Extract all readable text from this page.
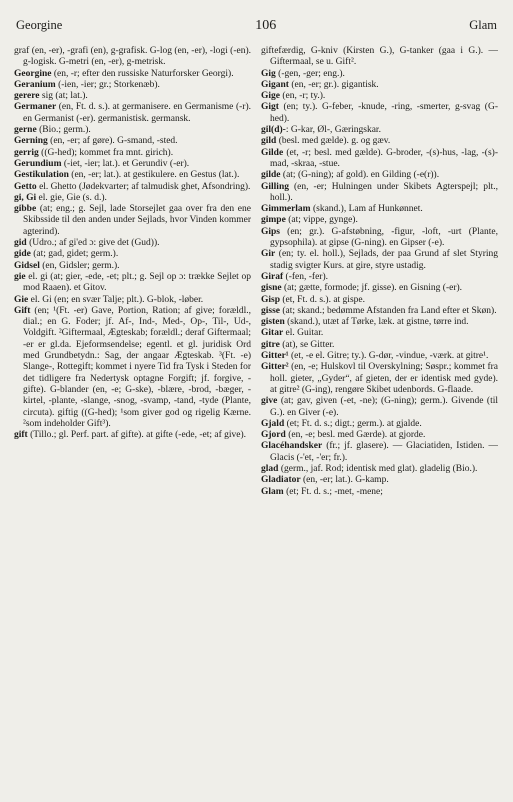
Georgine	106	Glam

graf (en, -er), -grafi (en), g-grafisk. G-log (en, -er), -logi (-en). g-logisk. G-metri (en, -er), g-metrisk.

Georgine (en, -r; efter den russiske Naturforsker Georgi).

Geranium (-ien, -ier; gr.; Storkenæb).

gerere sig (at; lat.).

Germaner (en, Ft. d. s.). at germanisere. en Germanisme (-r). en Germanist (-er). germanistisk. germansk.

gerne (Bio.; germ.).

Gerning (en, -er; af gøre). G-smand, -sted.

gerrig ((G-hed); kommet fra mnt. girich).

Gerundium (-iet, -ier; lat.). et Gerundiv (-er).

Gestikulation (en, -er; lat.). at gestikulere. en Gestus (lat.).

Getto el. Ghetto (Jødekvarter; af talmudisk ghet, Afsondring).

gi, Gi el. gie, Gie (s. d.).

gibbe (at; eng.; g. Sejl, lade Storsejlet gaa over fra den ene Skibsside til den anden under Sejlads, hvor Vinden kommer agterind).

gid (Udro.; af gi'ed ɔ: give det (Gud)).

gide (at; gad, gidet; germ.).

Gidsel (en, Gidsler; germ.).

gie el. gi (at; gier, -ede, -et; plt.; g. Sejl op ɔ: trække Sejlet op mod Raaen). et Gitov.

Gie el. Gi (en; en svær Talje; plt.). G-blok, -løber.

Gift (en; ¹(Ft. -er) Gave, Portion, Ration; af give; forældl., dial.; en G. Foder; jf. Af-, Ind-, Med-, Op-, Til-, Ud-, Voldgift. ²Giftermaal, Ægteskab; forældl.; deraf Giftermaal; -er er gl.da. Ejeformsendelse; egentl. et gl. juridisk Ord med Grundbetydn.: Sag, der angaar Ægteskab. ³(Ft. -e) Slange-, Rottegift; kommet i nyere Tid fra Tysk i Steden for det tidligere fra Nedertysk optagne Forgift; jf. forgive, -gifte). G-blander (en, -e; G-ske), -blære, -brod, -bæger, -kirtel, -plante, -slange, -snog, -svamp, -tand, -tyde (Plante, circuta). giftig ((G-hed); ¹som giver god og rigelig Kærne. ²som indeholder Gift³).

gift (Tillo.; gl. Perf. part. af gifte). at gifte (-ede, -et; af give).

giftefærdig, G-kniv (Kirsten G.), G-tanker (gaa i G.). — Giftermaal, se u. Gift².

Gig (-gen, -ger; eng.).

Gigant (en, -er; gr.). gigantisk.

Gige (en, -r; ty.).

Gigt (en; ty.). G-feber, -knude, -ring, -smerter, g-svag (G-hed).

gil(d)-: G-kar, Øl-, Gæringskar.

gild (besl. med gælde). g. og gæv.

Gilde (et, -r; besl. med gælde). G-broder, -(s)-hus, -lag, -(s)-mad, -skraa, -stue.

gilde (at; (G-ning); af gold). en Gilding (-e(r)).

Gilling (en, -er; Hulningen under Skibets Agterspejl; plt., holl.).

Gimmerlam (skand.), Lam af Hunkønnet.

gimpe (at; vippe, gynge).

Gips (en; gr.). G-afstøbning, -figur, -loft, -urt (Plante, gypsophila). at gipse (G-ning). en Gipser (-e).

Gir (en; ty. el. holl.), Sejlads, der paa Grund af slet Styring stadig svigter Kurs. at gire, styre ustadig.

Giraf (-fen, -fer).

gisne (at; gætte, formode; jf. gisse). en Gisning (-er).

Gisp (et, Ft. d. s.). at gispe.

gisse (at; skand.; bedømme Afstanden fra Land efter et Skøn).

gisten (skand.), utæt af Tørke, læk. at gistne, tørre ind.

Gitar el. Guitar.

gitre (at), se Gitter.

Gitter¹ (et, -e el. Gitre; ty.). G-dør, -vindue, -værk. at gitre¹.

Gitter² (en, -e; Hulskovl til Overskylning; Søspr.; kommet fra holl. gieter, „Gyder“, af gieten, der er identisk med gyde). at gitre² (G-ing), rengøre Skibet udenbords. G-flaade.

give (at; gav, given (-et, -ne); (G-ning); germ.). Givende (til G.). en Giver (-e).

Gjald (et; Ft. d. s.; digt.; germ.). at gjalde.

Gjord (en, -e; besl. med Gærde). at gjorde.

Glacéhandsker (fr.; jf. glasere). — Glaciatiden, Istiden. — Glacis (-'et, -'er; fr.).

glad (germ., jaf. Rod; identisk med glat). gladelig (Bio.).

Gladiator (en, -er; lat.). G-kamp.

Glam (et; Ft. d. s.; -met, -mene;
